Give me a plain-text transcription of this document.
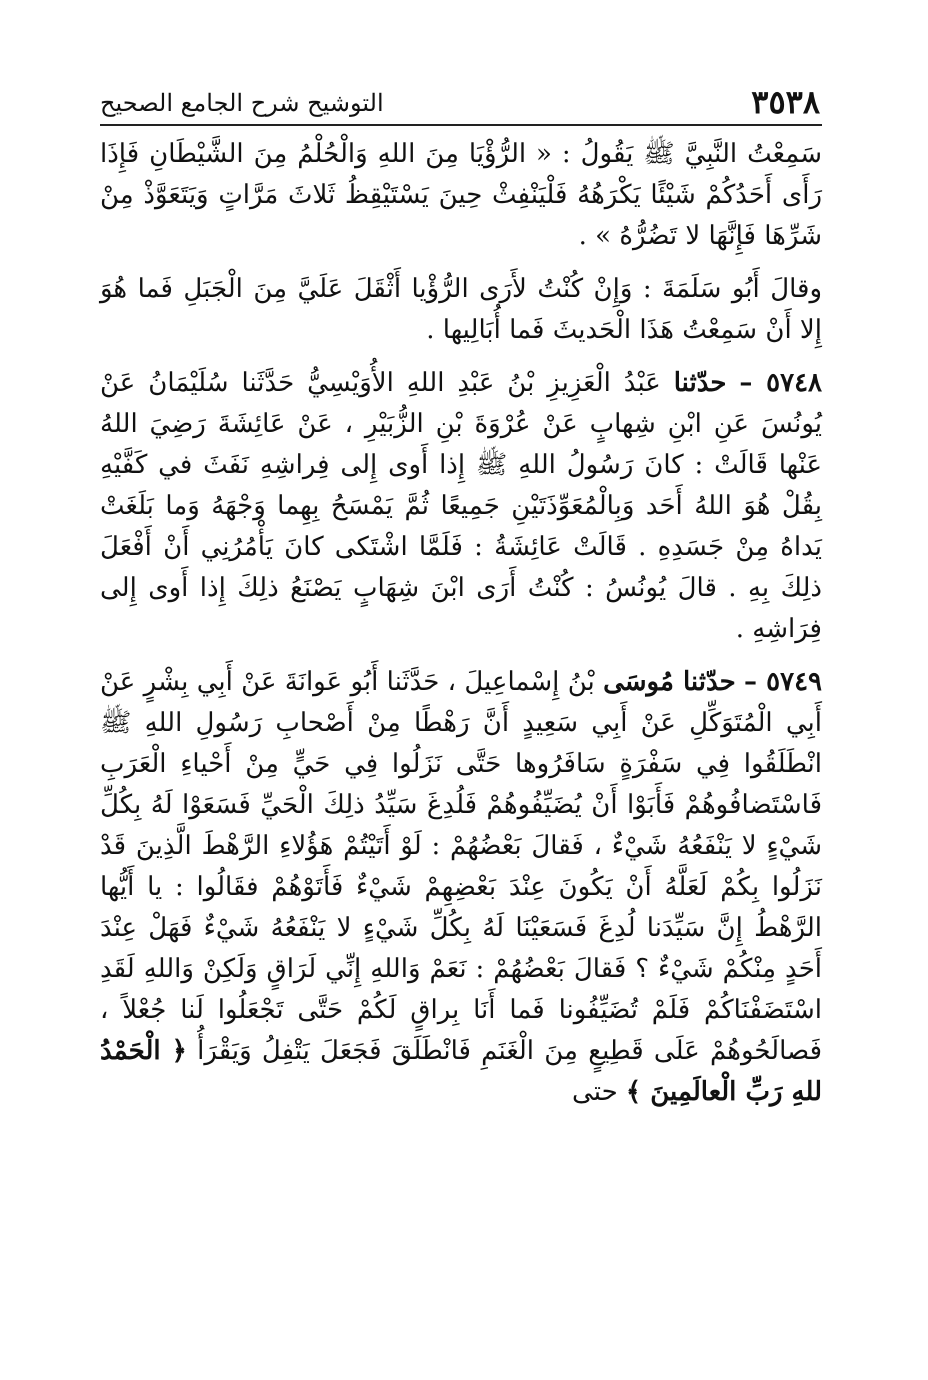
٣٥٣٨
التوشيح شرح الجامع الصحيح

سَمِعْتُ النَّبِيَّ ﷺ يَقُولُ : « الرُّؤْيَا مِنَ اللهِ وَالْحُلْمُ مِنَ الشَّيْطَانِ فَإِذَا رَأَى أَحَدُكُمْ شَيْئًا يَكْرَهُهُ فَلْيَنْفِثْ حِينَ يَسْتَيْقِظُ ثَلاثَ مَرَّاتٍ وَيَتَعَوَّذْ مِنْ شَرِّهَا فَإِنَّهَا لا تَضُرُّهُ » .

وقالَ أَبُو سَلَمَةَ : وَإِنْ كُنْتُ لأَرَى الرُّؤْيا أَثْقَلَ عَلَيَّ مِنَ الْجَبَلِ فَما هُوَ إِلا أَنْ سَمِعْتُ هَذَا الْحَديثَ فَما أُبَالِيها .

٥٧٤٨ – حدّثنا عَبْدُ الْعَزِيزِ بْنُ عَبْدِ اللهِ الأُوَيْسِيُّ حَدَّثَنا سُلَيْمَانُ عَنْ يُونُسَ عَنِ ابْنِ شِهابٍ عَنْ عُرْوَةَ بْنِ الزُّبَيْرِ ، عَنْ عَائِشَةَ رَضِيَ اللهُ عَنْها قَالَتْ : كانَ رَسُولُ اللهِ ﷺ إِذا أَوى إِلى فِراشِهِ نَفَثَ في كَفَّيْهِ بِقُلْ هُوَ اللهُ أَحَد وَبِالْمُعَوِّذَتَيْنِ جَمِيعًا ثُمَّ يَمْسَحُ بِهِما وَجْهَهُ وَما بَلَغَتْ يَداهُ مِنْ جَسَدِهِ . قَالَتْ عَائِشَةُ : فَلَمَّا اشْتَكى كانَ يَأْمُرُنِي أَنْ أَفْعَلَ ذلِكَ بِهِ . قالَ يُونُسُ : كُنْتُ أَرَى ابْنَ شِهَابٍ يَصْنَعُ ذلِكَ إِذا أَوى إِلى فِرَاشِهِ .

٥٧٤٩ – حدّثنا مُوسَى بْنُ إِسْماعِيلَ ، حَدَّثَنا أَبُو عَوانَةَ عَنْ أَبِي بِشْرٍ عَنْ أَبِي الْمُتَوَكِّلِ عَنْ أَبِي سَعِيدٍ أَنَّ رَهْطًا مِنْ أَصْحابِ رَسُولِ اللهِ ﷺ انْطَلَقُوا فِي سَفْرَةٍ سَافَرُوها حَتَّى نَزَلُوا فِي حَيٍّ مِنْ أَحْياءِ الْعَرَبِ فَاسْتَضافُوهُمْ فَأَبَوْا أَنْ يُضَيِّفُوهُمْ فَلُدِغَ سَيِّدُ ذلِكَ الْحَيِّ فَسَعَوْا لَهُ بِكُلِّ شَيْءٍ لا يَنْفَعُهُ شَيْءٌ ، فَقالَ بَعْضُهُمْ : لَوْ أَتَيْتُمْ هَؤُلاءِ الرَّهْطَ الَّذِينَ قَدْ نَزَلُوا بِكُمْ لَعَلَّهُ أَنْ يَكُونَ عِنْدَ بَعْضِهِمْ شَيْءٌ فَأَتَوْهُمْ فقَالُوا : يا أَيُّها الرَّهْطُ إِنَّ سَيِّدَنا لُدِغَ فَسَعَيْنَا لَهُ بِكُلِّ شَيْءٍ لا يَنْفَعُهُ شَيْءٌ فَهَلْ عِنْدَ أَحَدٍ مِنْكُمْ شَيْءٌ ؟ فَقالَ بَعْضُهُمْ : نَعَمْ وَاللهِ إِنِّي لَرَاقٍ وَلَكِنْ وَاللهِ لَقَدِ اسْتَضَفْنَاكُمْ فَلَمْ تُضَيِّفُونا فَما أَنَا بِراقٍ لَكُمْ حَتَّى تَجْعَلُوا لَنا جُعْلاً ، فَصالَحُوهُمْ عَلَى قَطِيعٍ مِنَ الْغَنَمِ فَانْطَلَقَ فَجَعَلَ يَتْفِلُ وَيَقْرَأُ ﴿ الْحَمْدُ للهِ رَبِّ الْعالَمِينَ ﴾ حتى
